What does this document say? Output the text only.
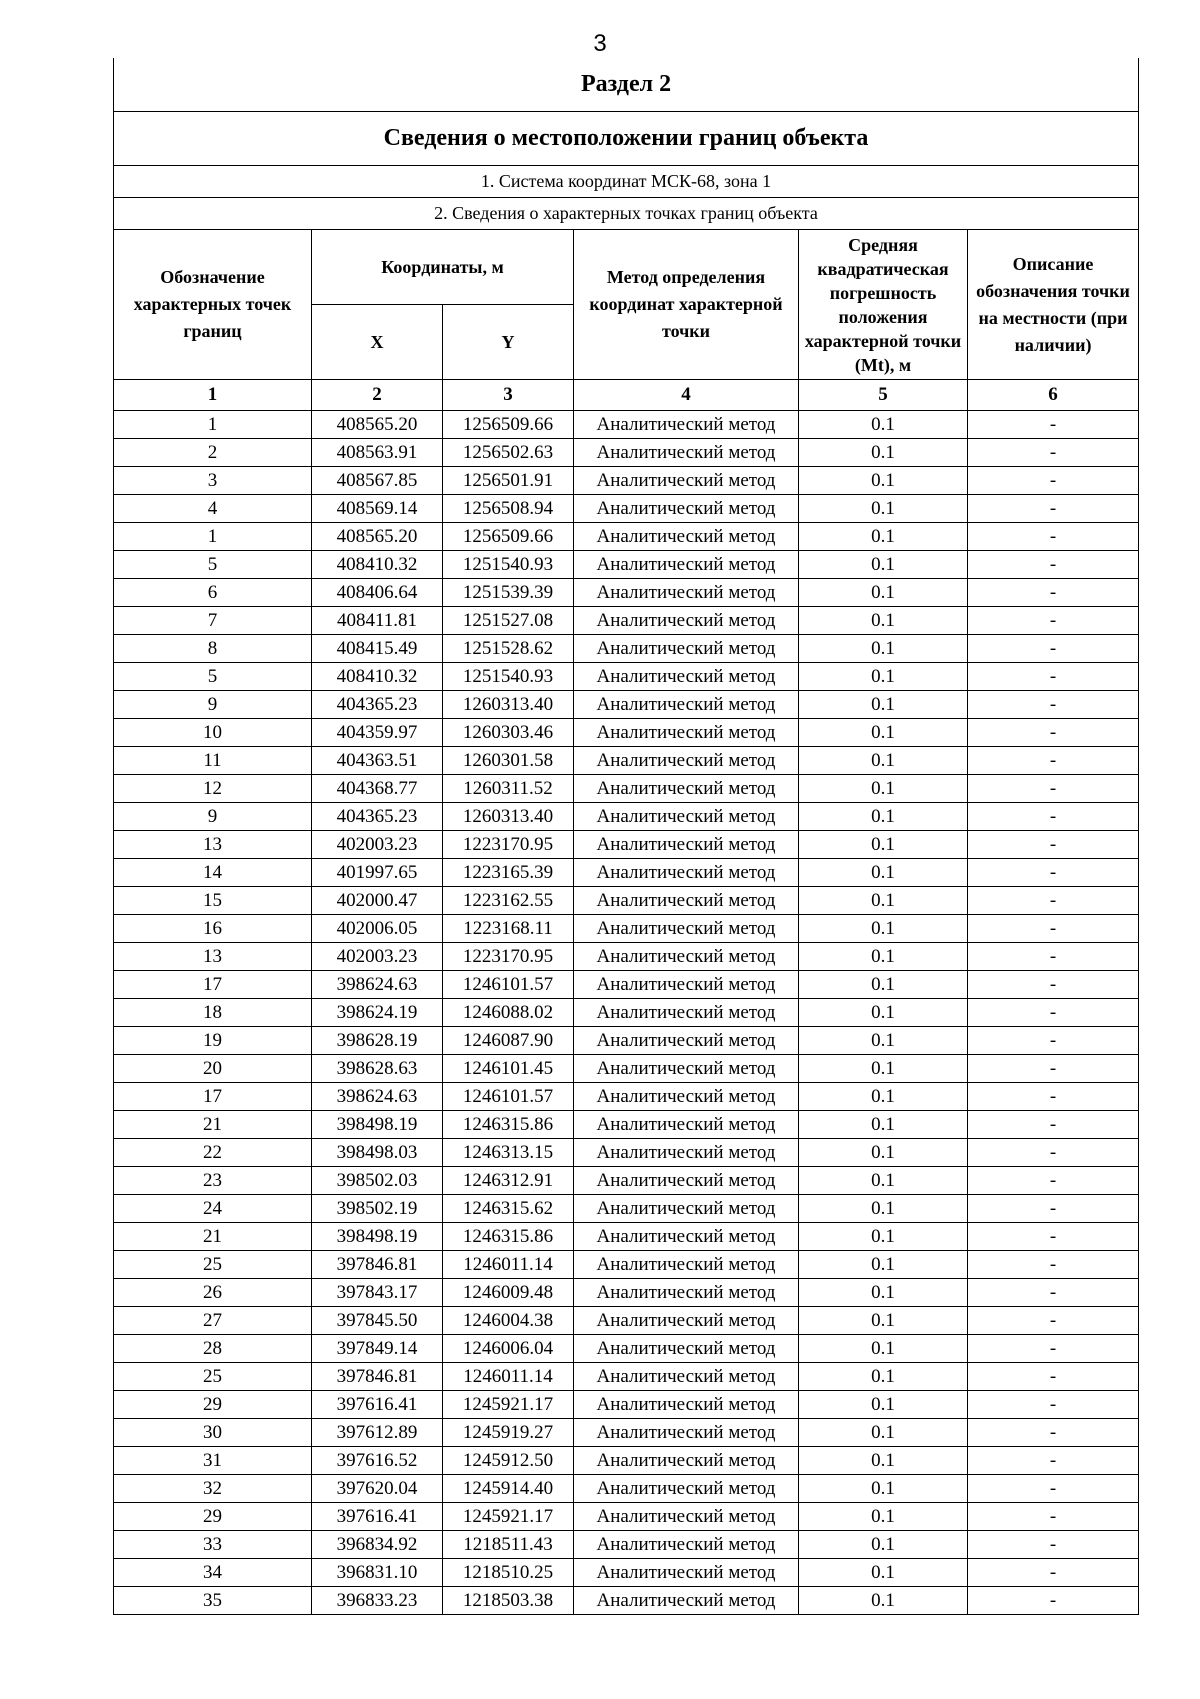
3
Раздел 2					
Сведения о местоположении границ объекта					
1. Система координат МСК-68, зона 1					
2. Сведения о характерных точках границ объекта					
Обозначение характерных точек границ	Координаты, м		Метод определения координат характерной точки	Средняя квадратическая погрешность положения характерной точки (Mt), м	Описание обозначения точки на местности (при наличии)
	X	Y			
1	2	3	4	5	6
1	408565.20	1256509.66	Аналитический метод	0.1	-
2	408563.91	1256502.63	Аналитический метод	0.1	-
3	408567.85	1256501.91	Аналитический метод	0.1	-
4	408569.14	1256508.94	Аналитический метод	0.1	-
1	408565.20	1256509.66	Аналитический метод	0.1	-
5	408410.32	1251540.93	Аналитический метод	0.1	-
6	408406.64	1251539.39	Аналитический метод	0.1	-
7	408411.81	1251527.08	Аналитический метод	0.1	-
8	408415.49	1251528.62	Аналитический метод	0.1	-
5	408410.32	1251540.93	Аналитический метод	0.1	-
9	404365.23	1260313.40	Аналитический метод	0.1	-
10	404359.97	1260303.46	Аналитический метод	0.1	-
11	404363.51	1260301.58	Аналитический метод	0.1	-
12	404368.77	1260311.52	Аналитический метод	0.1	-
9	404365.23	1260313.40	Аналитический метод	0.1	-
13	402003.23	1223170.95	Аналитический метод	0.1	-
14	401997.65	1223165.39	Аналитический метод	0.1	-
15	402000.47	1223162.55	Аналитический метод	0.1	-
16	402006.05	1223168.11	Аналитический метод	0.1	-
13	402003.23	1223170.95	Аналитический метод	0.1	-
17	398624.63	1246101.57	Аналитический метод	0.1	-
18	398624.19	1246088.02	Аналитический метод	0.1	-
19	398628.19	1246087.90	Аналитический метод	0.1	-
20	398628.63	1246101.45	Аналитический метод	0.1	-
17	398624.63	1246101.57	Аналитический метод	0.1	-
21	398498.19	1246315.86	Аналитический метод	0.1	-
22	398498.03	1246313.15	Аналитический метод	0.1	-
23	398502.03	1246312.91	Аналитический метод	0.1	-
24	398502.19	1246315.62	Аналитический метод	0.1	-
21	398498.19	1246315.86	Аналитический метод	0.1	-
25	397846.81	1246011.14	Аналитический метод	0.1	-
26	397843.17	1246009.48	Аналитический метод	0.1	-
27	397845.50	1246004.38	Аналитический метод	0.1	-
28	397849.14	1246006.04	Аналитический метод	0.1	-
25	397846.81	1246011.14	Аналитический метод	0.1	-
29	397616.41	1245921.17	Аналитический метод	0.1	-
30	397612.89	1245919.27	Аналитический метод	0.1	-
31	397616.52	1245912.50	Аналитический метод	0.1	-
32	397620.04	1245914.40	Аналитический метод	0.1	-
29	397616.41	1245921.17	Аналитический метод	0.1	-
33	396834.92	1218511.43	Аналитический метод	0.1	-
34	396831.10	1218510.25	Аналитический метод	0.1	-
35	396833.23	1218503.38	Аналитический метод	0.1	-
